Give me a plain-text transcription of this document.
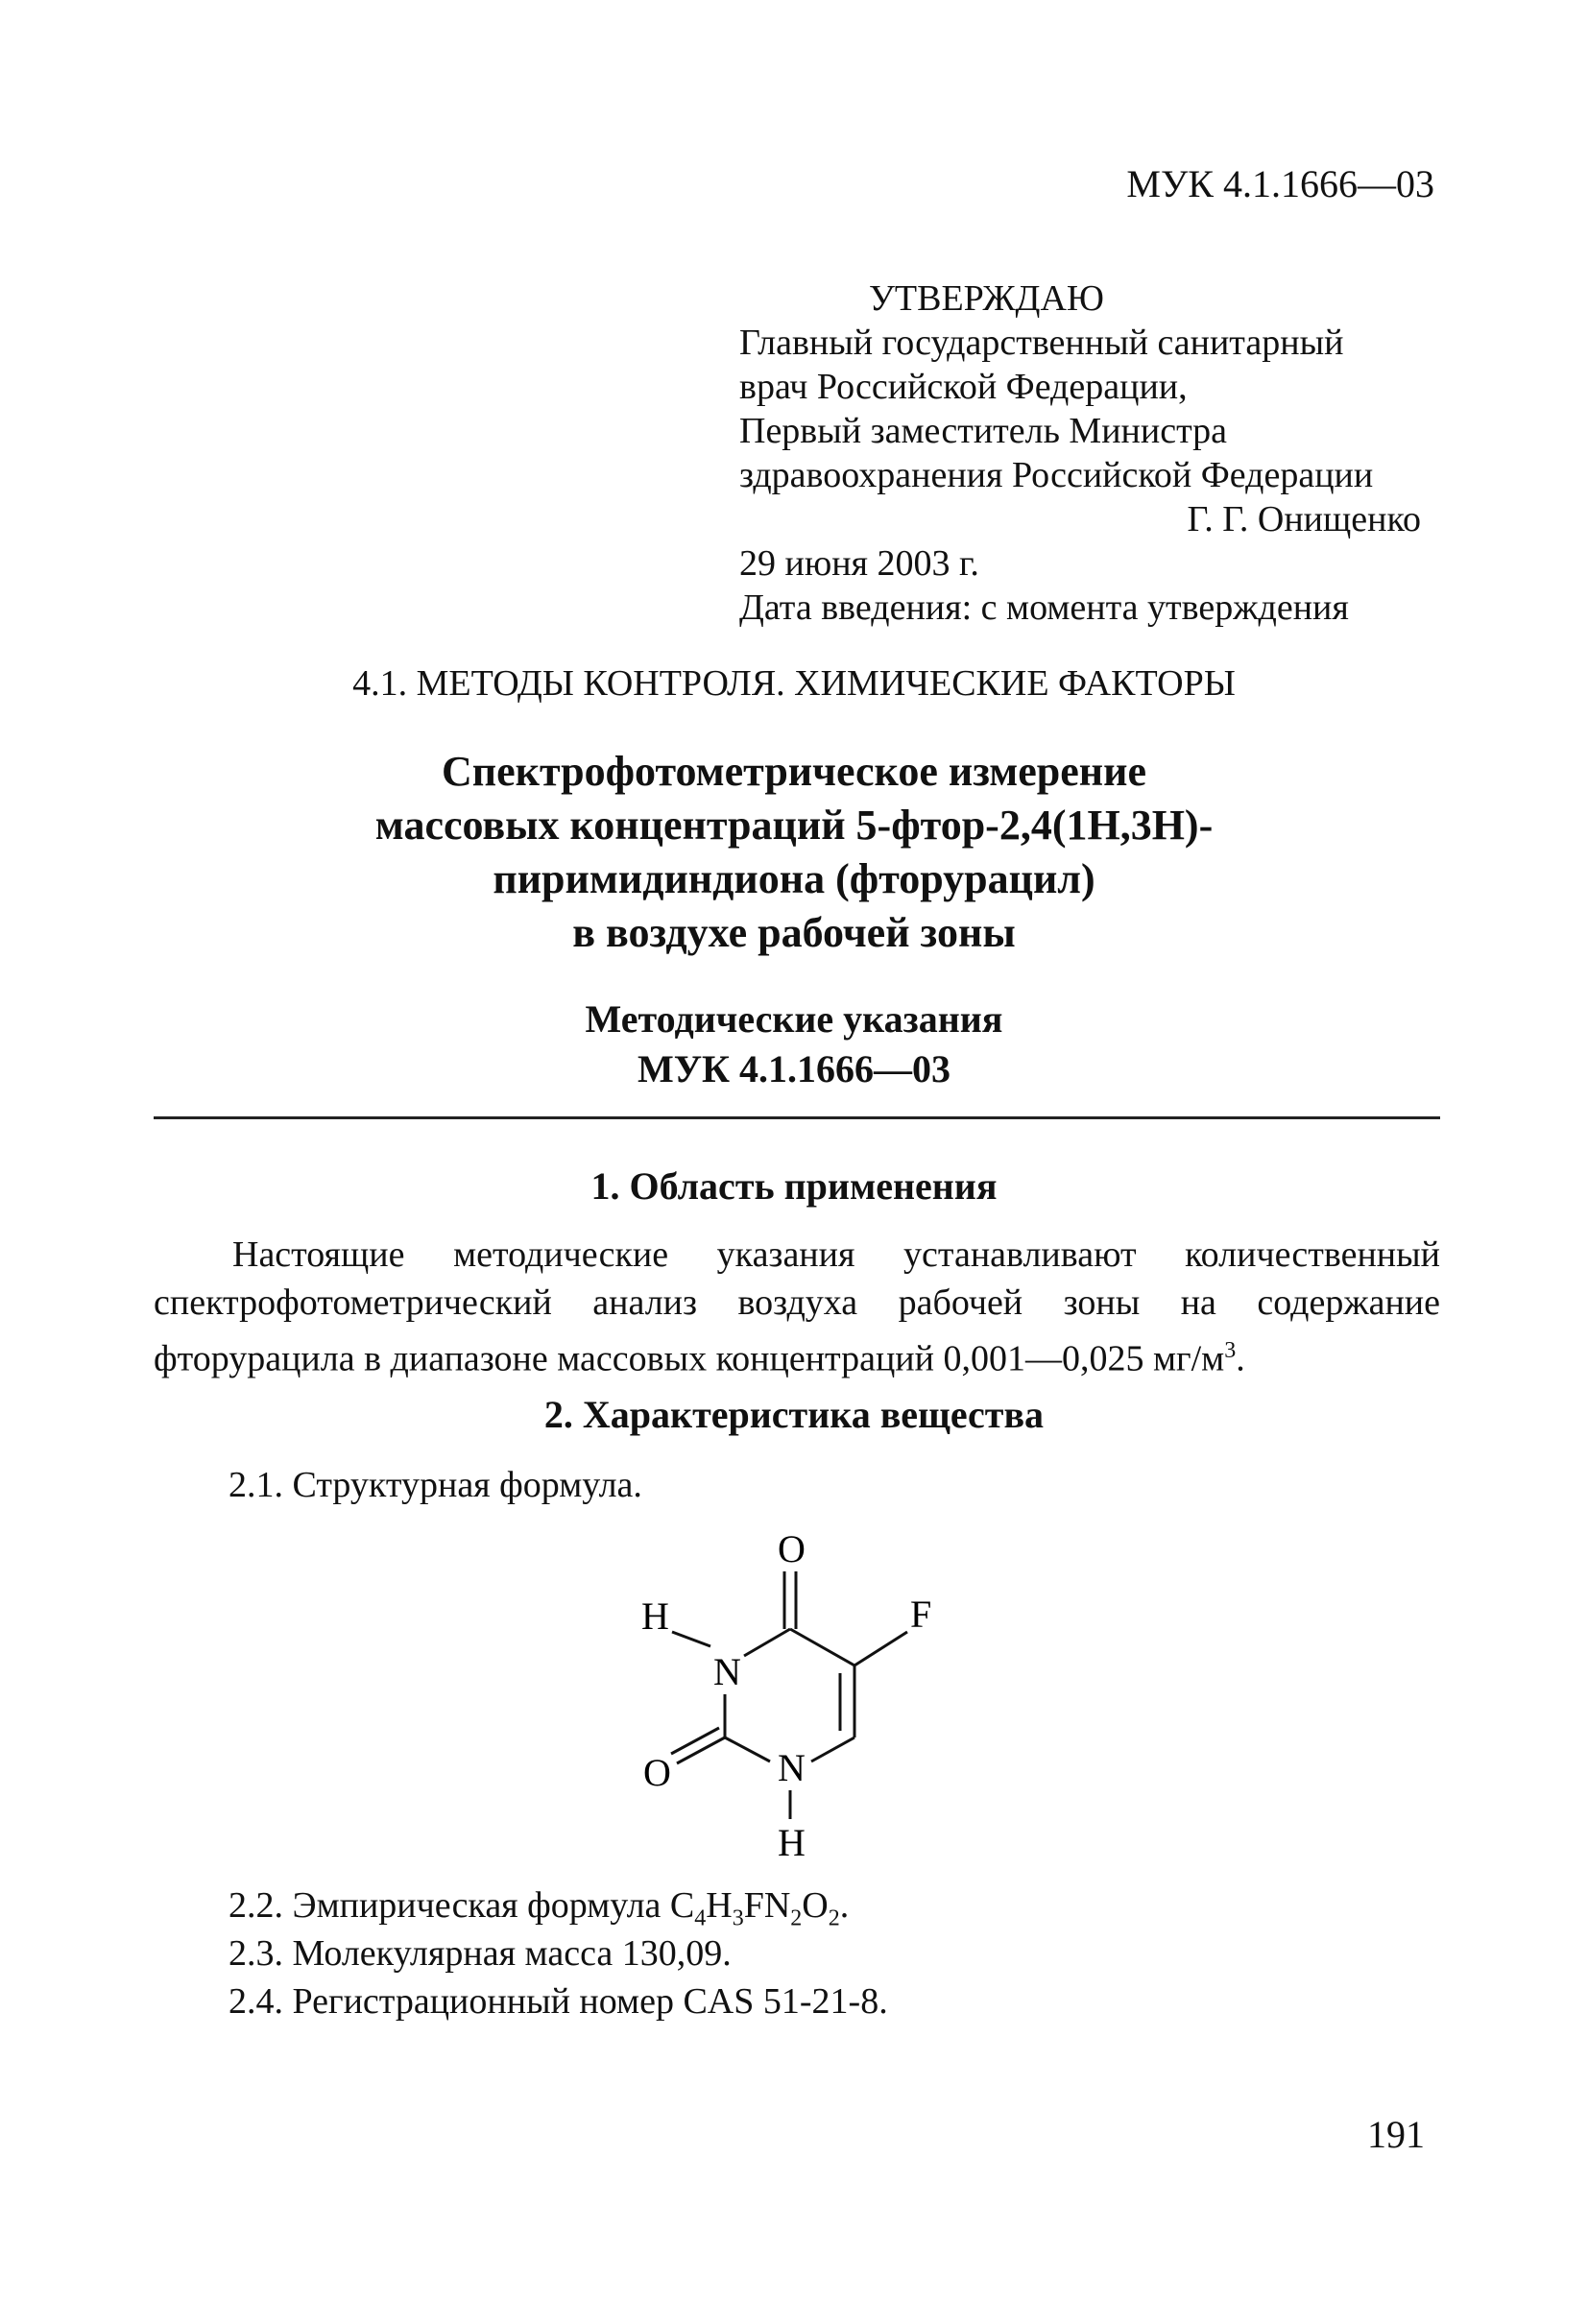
МУК 4.1.1666—03
УТВЕРЖДАЮ
Главный государственный санитарный
врач Российской Федерации,
Первый заместитель Министра
здравоохранения Российской Федерации
Г. Г. Онищенко
29 июня 2003 г.
Дата введения: с момента утверждения
4.1. МЕТОДЫ КОНТРОЛЯ. ХИМИЧЕСКИЕ ФАКТОРЫ
Спектрофотометрическое измерение
массовых концентраций 5-фтор-2,4(1Н,3Н)-
пиримидиндиона (фторурацил)
в воздухе рабочей зоны
Методические указания
МУК 4.1.1666—03
1. Область применения
Настоящие методические указания устанавливают количественный спектрофотометрический анализ воздуха рабочей зоны на содержание фторурацила в диапазоне массовых концентраций 0,001—0,025 $мг/м^3$.
2. Характеристика вещества
2.1. Структурная формула.
O
F
H
N
O	N
H
2.2. Эмпирическая формула $C_4H_3FN_2O_2$.
2.3. Молекулярная масса 130,09.
2.4. Регистрационный номер CAS 51-21-8.
191
